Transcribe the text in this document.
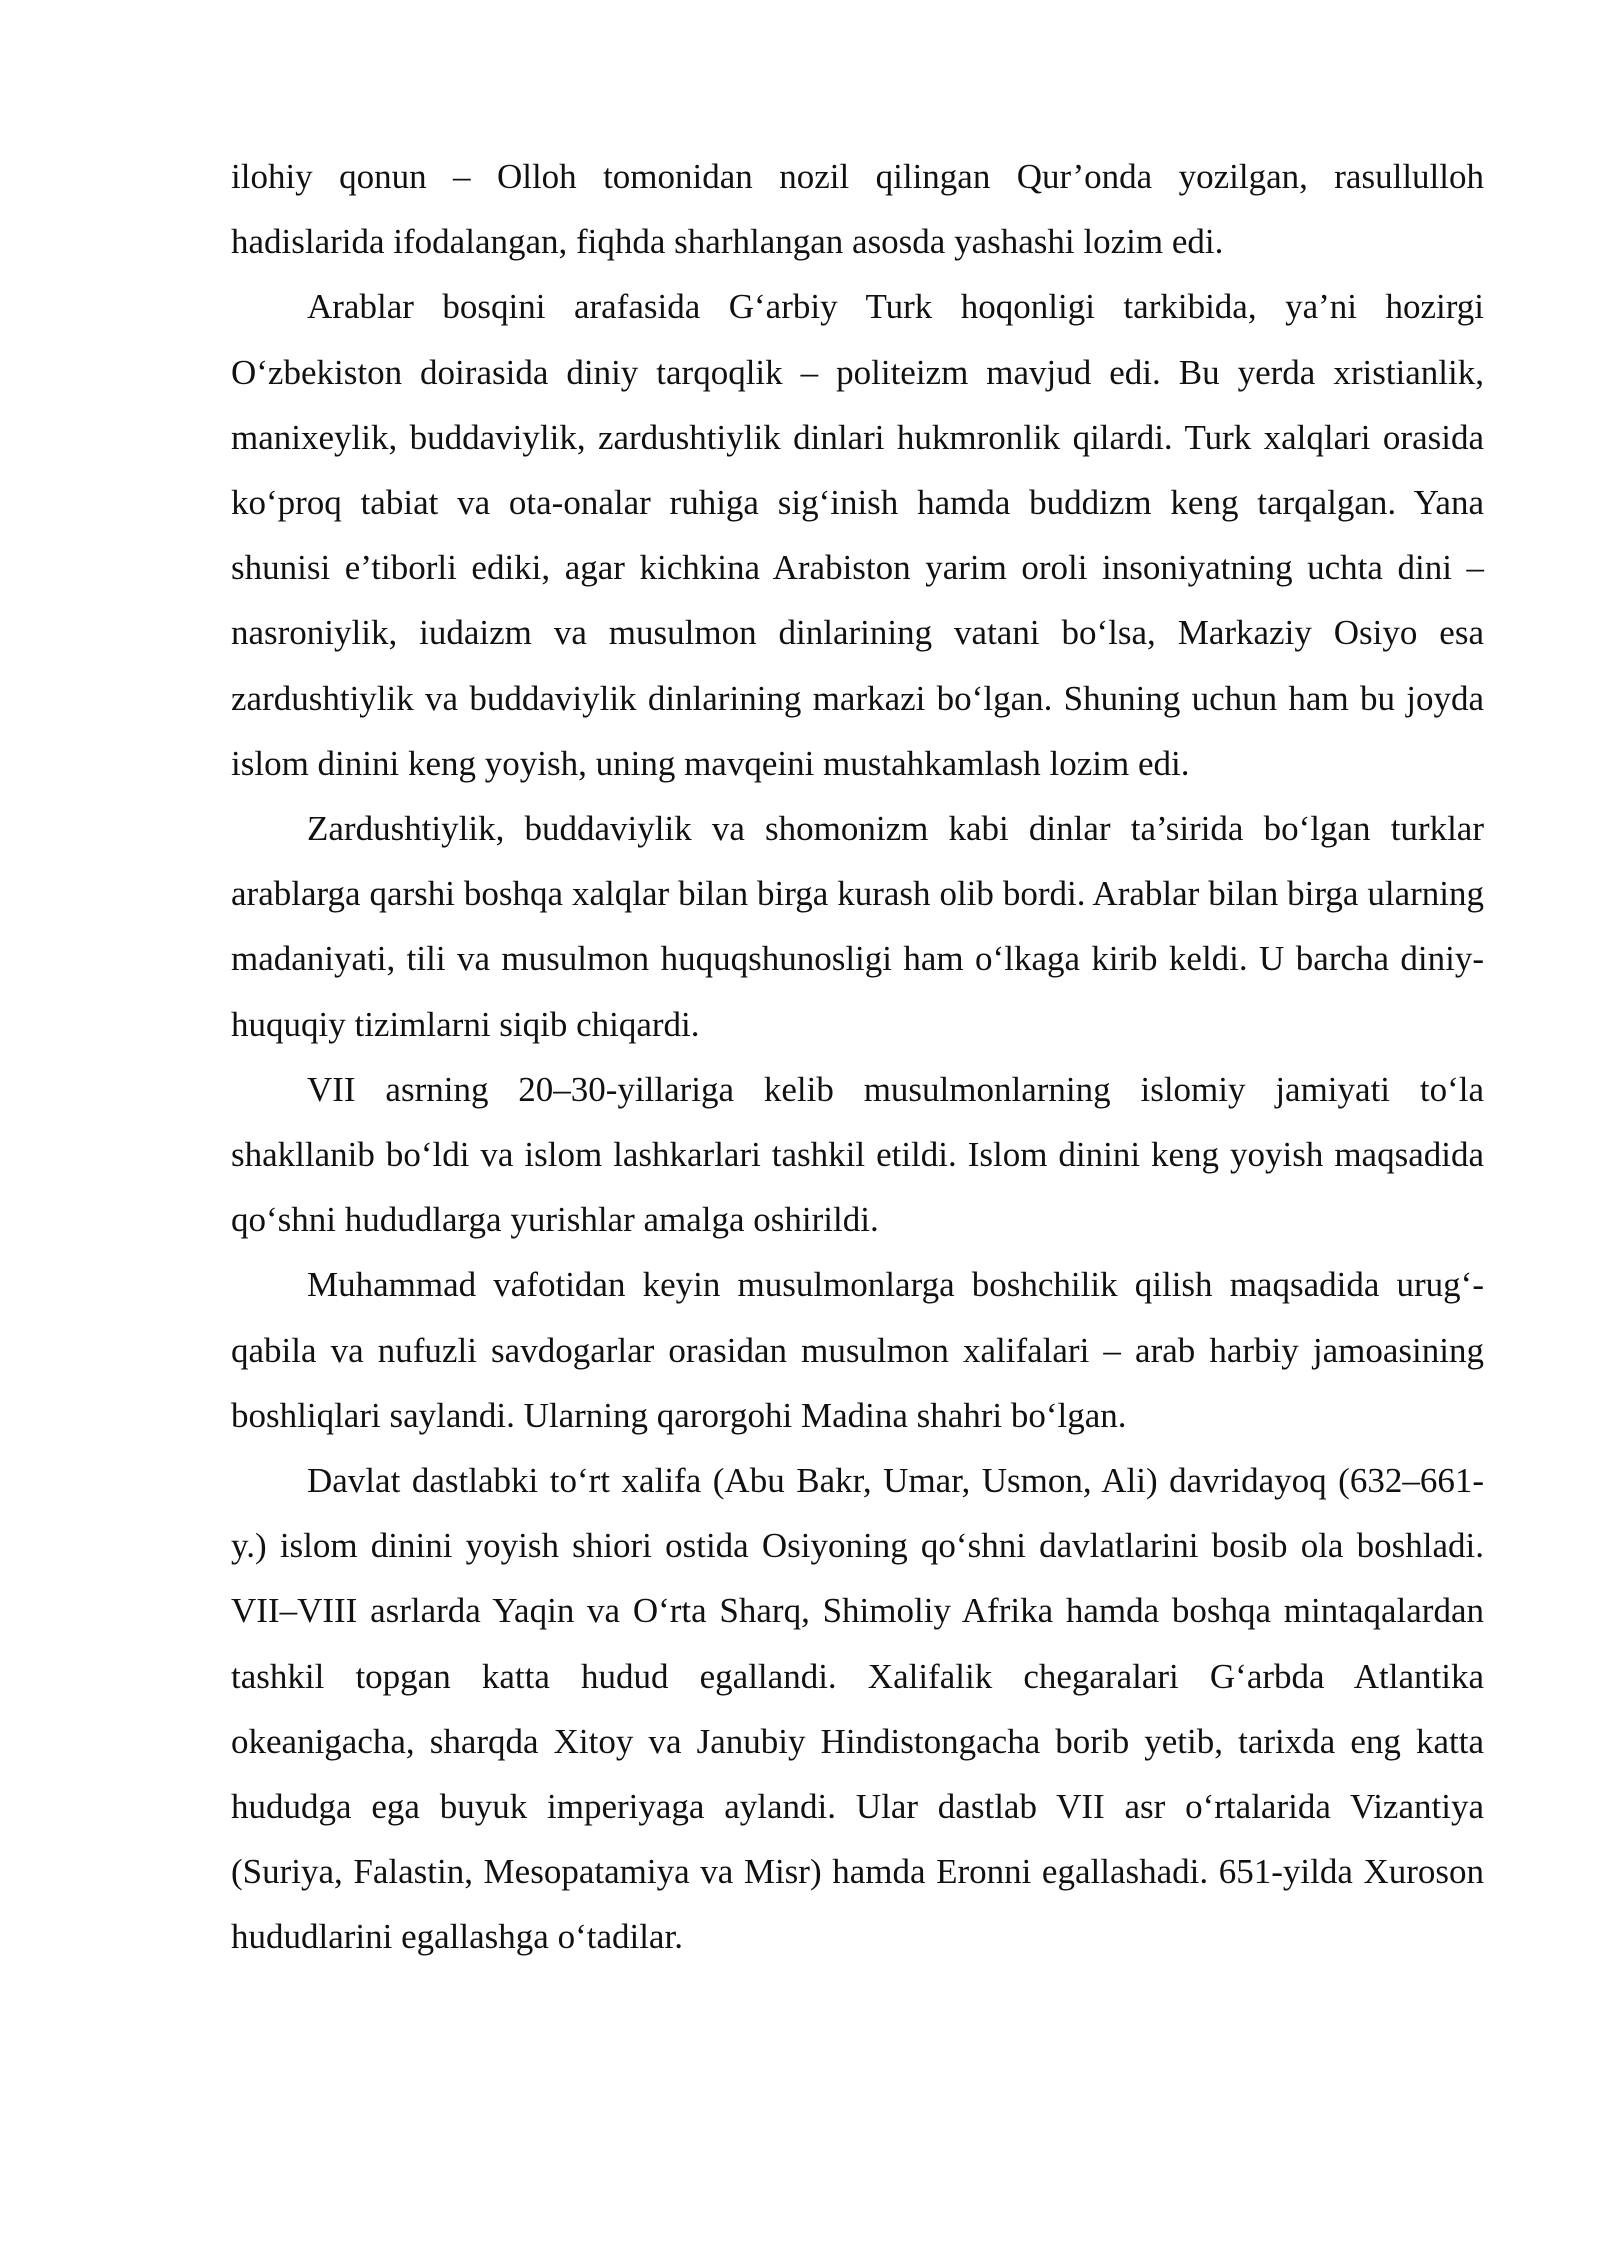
ilohiy qonun – Olloh tomonidan nozil qilingan Qur’onda yozilgan, rasullulloh hadislarida ifodalangan, fiqhda sharhlangan asosda yashashi lozim edi.

Arablar bosqini arafasida G‘arbiy Turk hoqonligi tarkibida, ya’ni hozirgi O‘zbekiston doirasida diniy tarqoqlik – politeizm mavjud edi. Bu yerda xristianlik, manixeylik, buddaviylik, zardushtiylik dinlari hukmronlik qilardi. Turk xalqlari orasida ko‘proq tabiat va ota-onalar ruhiga sig‘inish hamda buddizm keng tarqalgan. Yana shunisi e’tiborli ediki, agar kichkina Arabiston yarim oroli insoniyatning uchta dini – nasroniylik, iudaizm va musulmon dinlarining vatani bo‘lsa, Markaziy Osiyo esa zardushtiylik va buddaviylik dinlarining markazi bo‘lgan. Shuning uchun ham bu joyda islom dinini keng yoyish, uning mavqeini mustahkamlash lozim edi.

Zardushtiylik, buddaviylik va shomonizm kabi dinlar ta’sirida bo‘lgan turklar arablarga qarshi boshqa xalqlar bilan birga kurash olib bordi. Arablar bilan birga ularning madaniyati, tili va musulmon huquqshunosligi ham o‘lkaga kirib keldi. U barcha diniy-huquqiy tizimlarni siqib chiqardi.

VII asrning 20–30-yillariga kelib musulmonlarning islomiy jamiyati to‘la shakllanib bo‘ldi va islom lashkarlari tashkil etildi. Islom dinini keng yoyish maqsadida qo‘shni hududlarga yurishlar amalga oshirildi.

Muhammad vafotidan keyin musulmonlarga boshchilik qilish maqsadida urug‘-qabila va nufuzli savdogarlar orasidan musulmon xalifalari – arab harbiy jamoasining boshliqlari saylandi. Ularning qarorgohi Madina shahri bo‘lgan.

Davlat dastlabki to‘rt xalifa (Abu Bakr, Umar, Usmon, Ali) davridayoq (632–661-y.) islom dinini yoyish shiori ostida Osiyoning qo‘shni davlatlarini bosib ola boshladi. VII–VIII asrlarda Yaqin va O‘rta Sharq, Shimoliy Afrika hamda boshqa mintaqalardan tashkil topgan katta hudud egallandi. Xalifalik chegaralari G‘arbda Atlantika okeanigacha, sharqda Xitoy va Janubiy Hindistongacha borib yetib, tarixda eng katta hududga ega buyuk imperiyaga aylandi. Ular dastlab VII asr o‘rtalarida Vizantiya (Suriya, Falastin, Mesopatamiya va Misr) hamda Eronni egallashadi. 651-yilda Xuroson hududlarini egallashga o‘tadilar.
